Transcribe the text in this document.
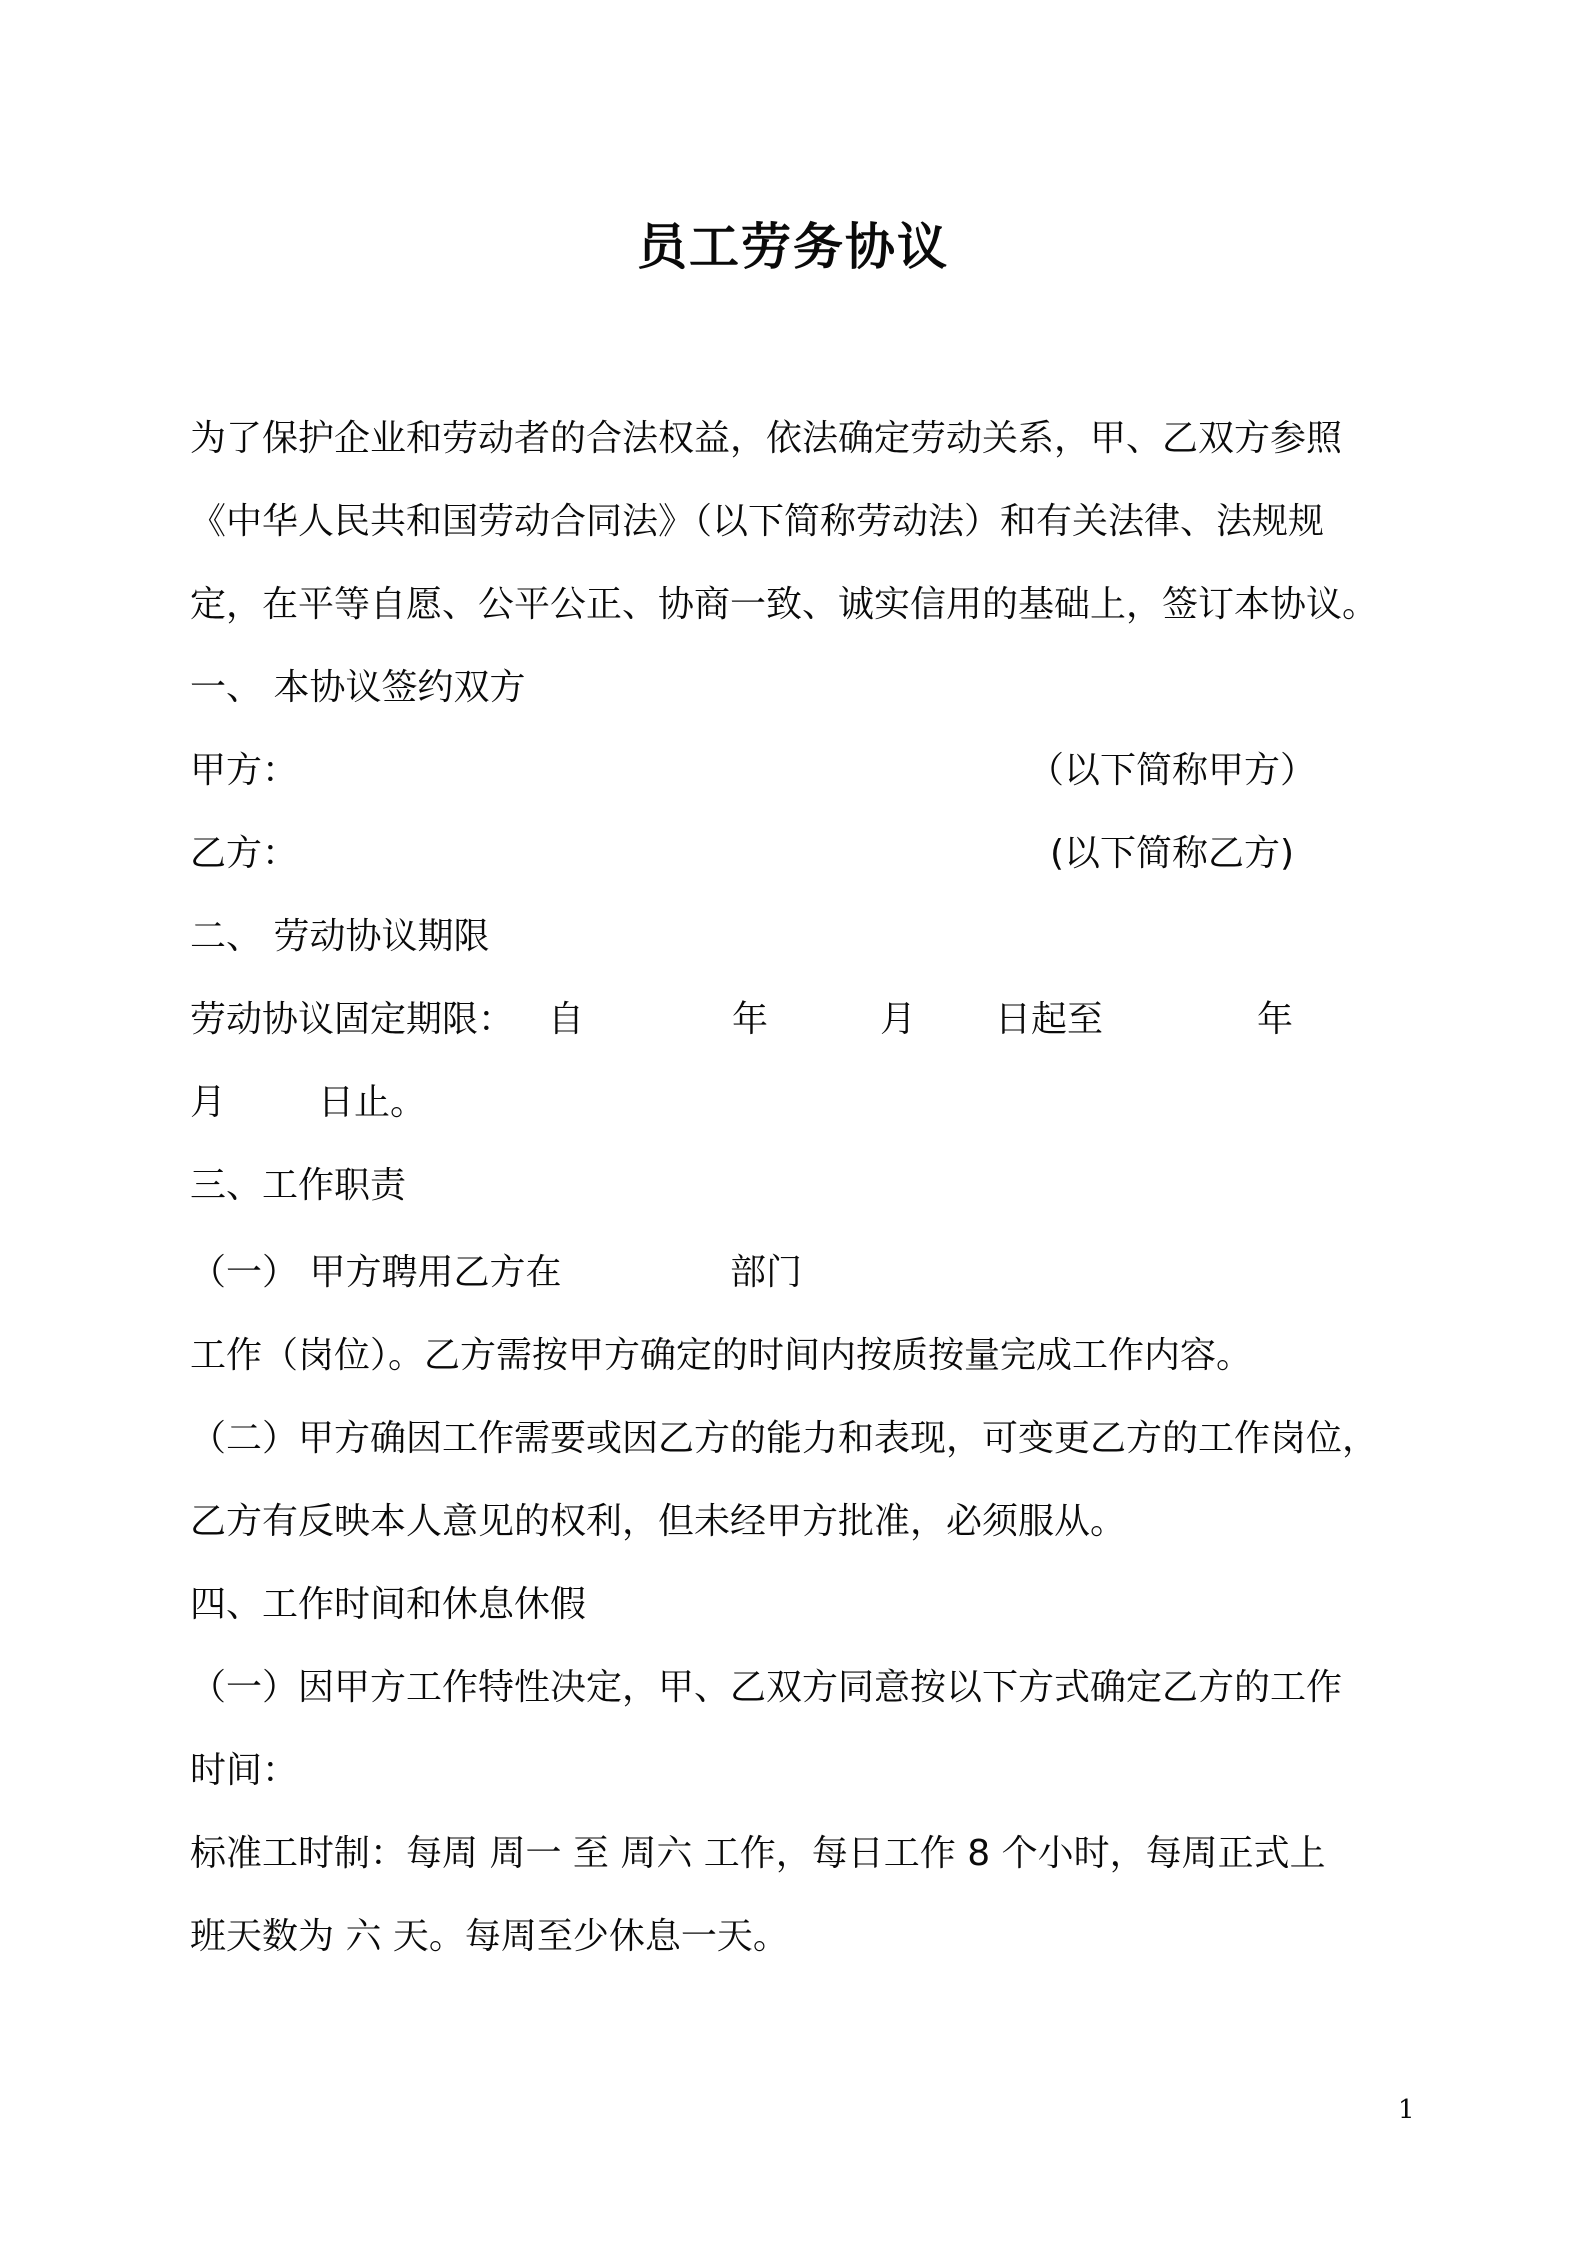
员工劳务协议
为了保护企业和劳动者的合法权益，依法确定劳动关系，甲、乙双方参照
《中华人民共和国劳动合同法》（以下简称劳动法）和有关法律、法规规
定，在平等自愿、公平公正、协商一致、诚实信用的基础上，签订本协议。
一、 本协议签约双方
甲方：	（以下简称甲方）
乙方：	(以下简称乙方)
二、 劳动协议期限
劳动协议固定期限： 自	年	月 日起至	年
月	日止。
三、工作职责
（一） 甲方聘用乙方在	部门
工作（岗位）。乙方需按甲方确定的时间内按质按量完成工作内容。
（二）甲方确因工作需要或因乙方的能力和表现，可变更乙方的工作岗位，
乙方有反映本人意见的权利，但未经甲方批准，必须服从。
四、工作时间和休息休假
（一）因甲方工作特性决定，甲、乙双方同意按以下方式确定乙方的工作
时间：
标准工时制：每周 周一 至 周六 工作，每日工作 8 个小时，每周正式上
班天数为 六 天。每周至少休息一天。
1
